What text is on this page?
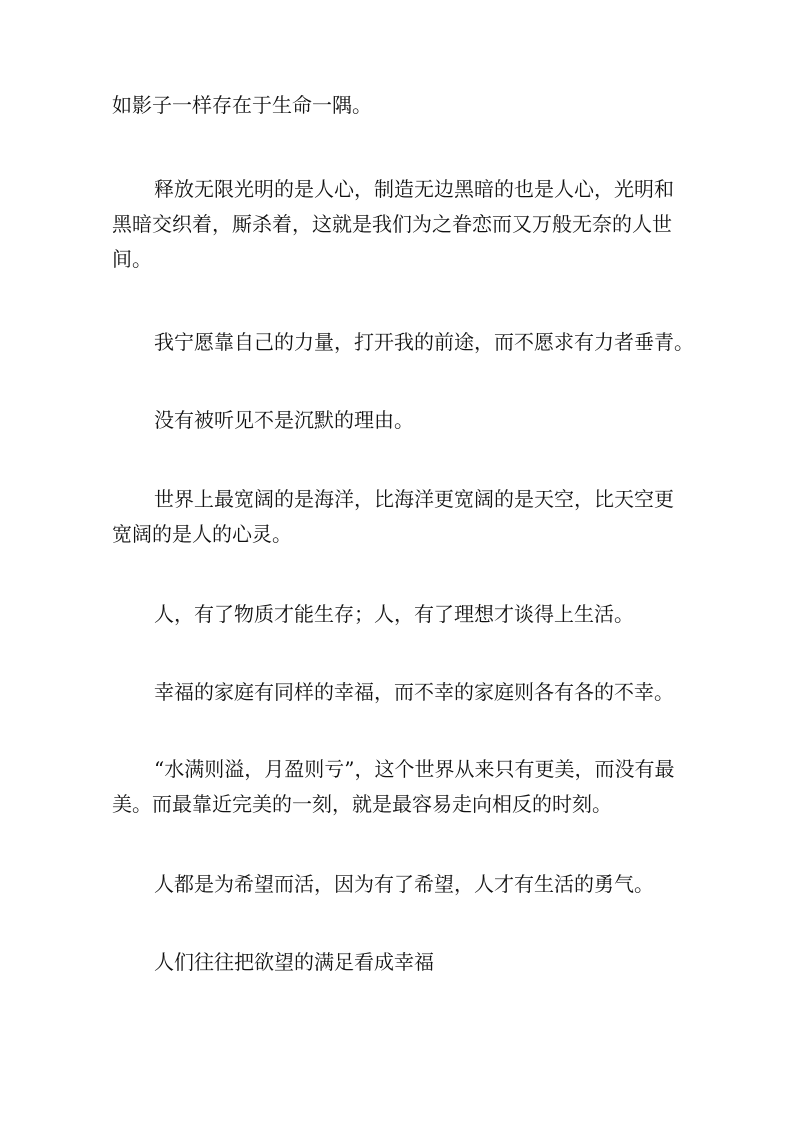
如影子一样存在于生命一隅。

释放无限光明的是人心，制造无边黑暗的也是人心，光明和
黑暗交织着，厮杀着，这就是我们为之眷恋而又万般无奈的人世
间。

我宁愿靠自己的力量，打开我的前途，而不愿求有力者垂青。

没有被听见不是沉默的理由。

世界上最宽阔的是海洋，比海洋更宽阔的是天空，比天空更
宽阔的是人的心灵。

人，有了物质才能生存；人，有了理想才谈得上生活。

幸福的家庭有同样的幸福，而不幸的家庭则各有各的不幸。

“水满则溢，月盈则亏”，这个世界从来只有更美，而没有最
美。而最靠近完美的一刻，就是最容易走向相反的时刻。

人都是为希望而活，因为有了希望，人才有生活的勇气。

人们往往把欲望的满足看成幸福
